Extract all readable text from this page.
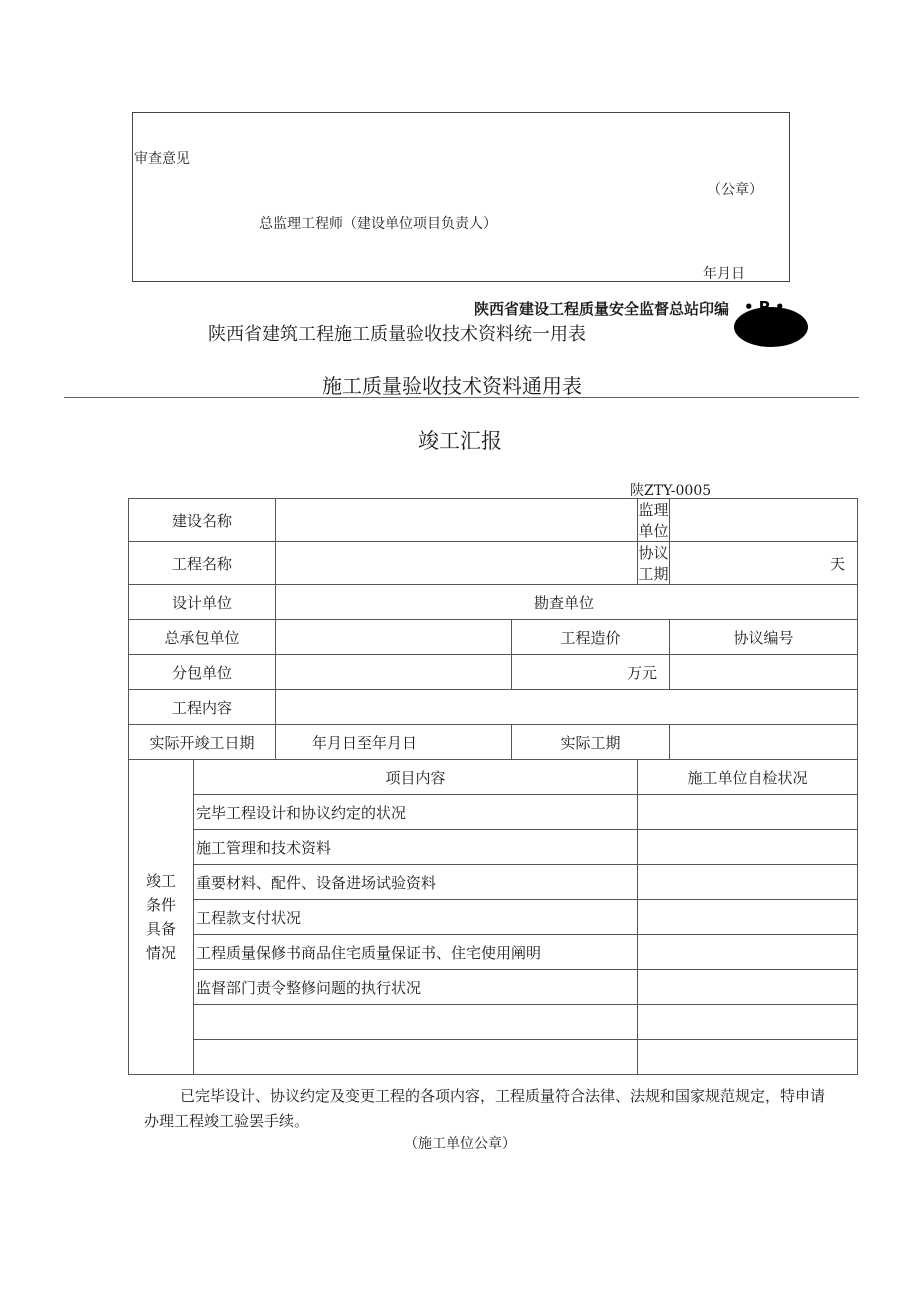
审查意见
（公章）
总监理工程师（建设单位项目负责人）
年月日
陕西省建设工程质量安全监督总站印编 • P •
陕西省建筑工程施工质量验收技术资料统一用表
施工质量验收技术资料通用表
竣工汇报
陕ZTY-0005
建设名称				监理单位	
工程名称				协议工期	天
设计单位		勘查单位			
总承包单位			工程造价		协议编号
分包单位			万元		
工程内容					
实际开竣工日期		年月日至年月日	实际工期		

竣工
条件
具备
情况	项目内容			施工单位自检状况	
	完毕工程设计和协议约定的状况				
	施工管理和技术资料				
	重要材料、配件、设备进场试验资料				
	工程款支付状况				
	工程质量保修书商品住宅质量保证书、住宅使用阐明				
	监督部门责令整修问题的执行状况				

已完毕设计、协议约定及变更工程的各项内容，工程质量符合法律、法规和国家规范规定，特申请
办理工程竣工验罢手续。
（施工单位公章）
